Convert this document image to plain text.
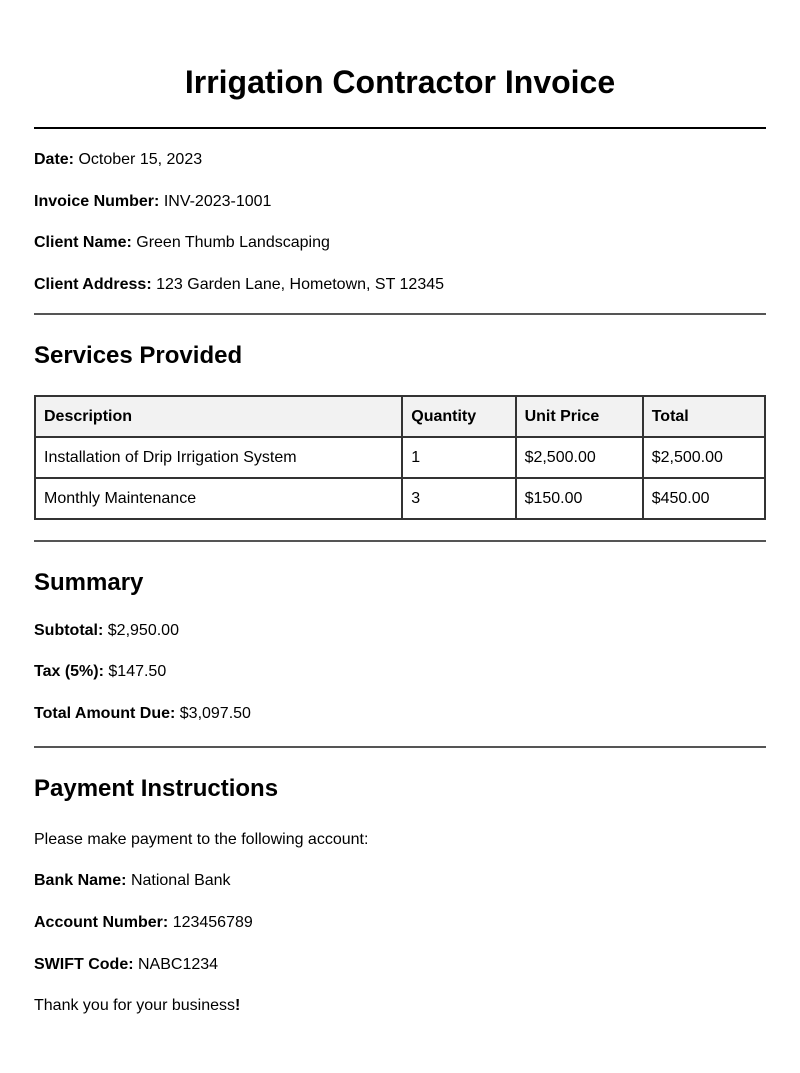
Irrigation Contractor Invoice
Date: October 15, 2023
Invoice Number: INV-2023-1001
Client Name: Green Thumb Landscaping
Client Address: 123 Garden Lane, Hometown, ST 12345
Services Provided
Description	Quantity	Unit Price	Total
Installation of Drip Irrigation System	1	$2,500.00	$2,500.00
Monthly Maintenance	3	$150.00	$450.00
Summary
Subtotal: $2,950.00
Tax (5%): $147.50
Total Amount Due: $3,097.50
Payment Instructions
Please make payment to the following account:
Bank Name: National Bank
Account Number: 123456789
SWIFT Code: NABC1234
Thank you for your business!
